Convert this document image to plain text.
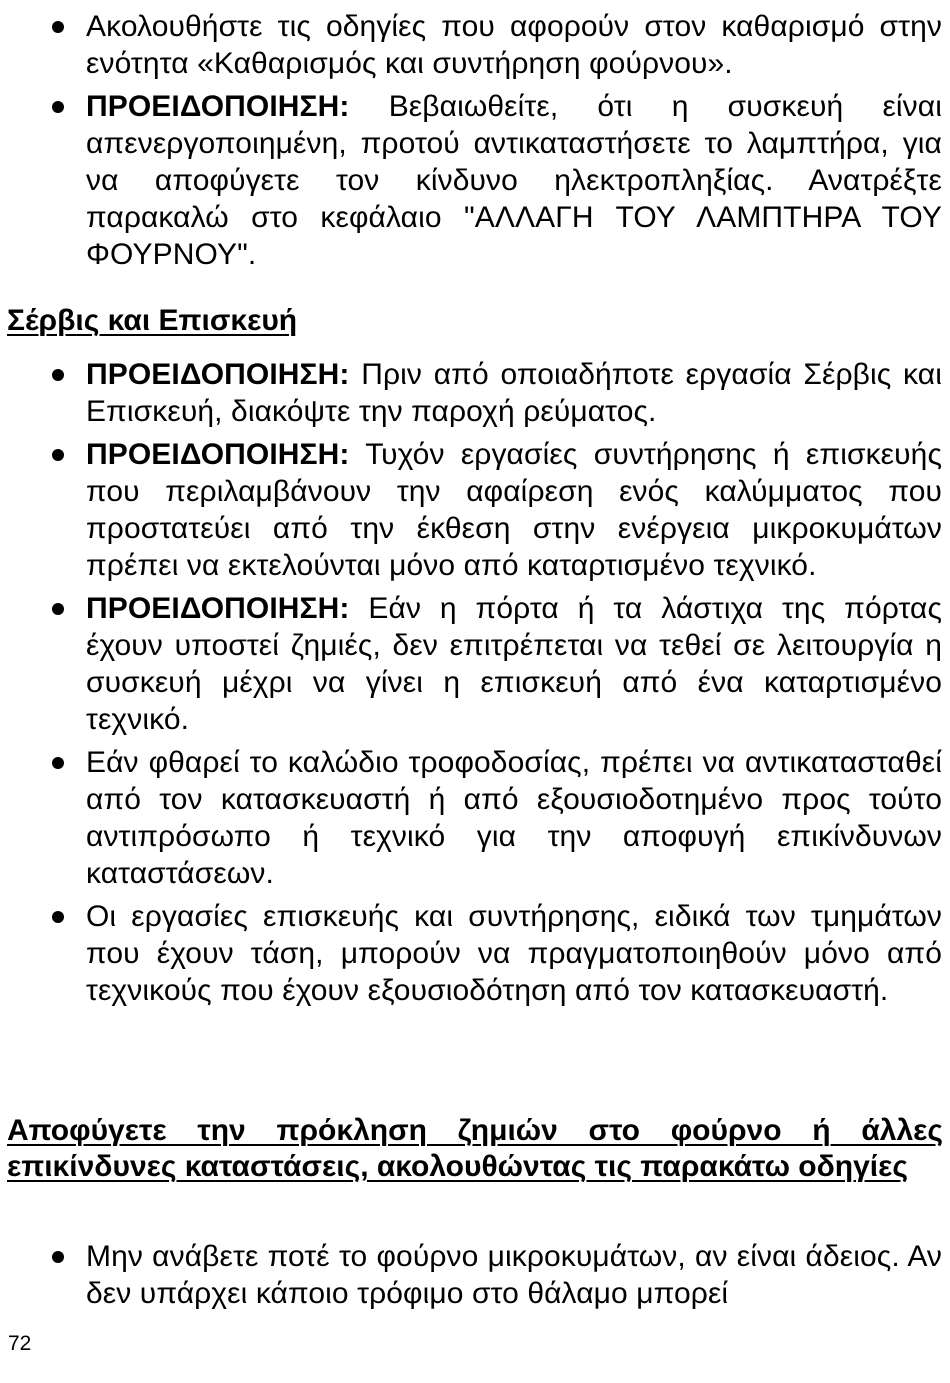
Ακολουθήστε τις οδηγίες που αφορούν στον καθαρισμό στην ενότητα «Καθαρισμός και συντήρηση φούρνου».
ΠΡΟΕΙΔΟΠΟΙΗΣΗ: Βεβαιωθείτε, ότι η συσκευή είναι απενεργοποιημένη, προτού αντικαταστήσετε το λαμπτήρα, για να αποφύγετε τον κίνδυνο ηλεκτροπληξίας. Ανατρέξτε παρακαλώ στο κεφάλαιο "ΑΛΛΑΓΗ ΤΟΥ ΛΑΜΠΤΗΡΑ ΤΟΥ ΦΟΥΡΝΟΥ".
Σέρβις και Επισκευή
ΠΡΟΕΙΔΟΠΟΙΗΣΗ: Πριν από οποιαδήποτε εργασία Σέρβις και Επισκευή, διακόψτε την παροχή ρεύματος.
ΠΡΟΕΙΔΟΠΟΙΗΣΗ: Τυχόν εργασίες συντήρησης ή επισκευής που περιλαμβάνουν την αφαίρεση ενός καλύμματος που προστατεύει από την έκθεση στην ενέργεια μικροκυμάτων πρέπει να εκτελούνται μόνο από καταρτισμένο τεχνικό.
ΠΡΟΕΙΔΟΠΟΙΗΣΗ: Εάν η πόρτα ή τα λάστιχα της πόρτας έχουν υποστεί ζημιές, δεν επιτρέπεται να τεθεί σε λειτουργία η συσκευή μέχρι να γίνει η επισκευή από ένα καταρτισμένο τεχνικό.
Εάν φθαρεί το καλώδιο τροφοδοσίας, πρέπει να αντικατασταθεί από τον κατασκευαστή ή από εξουσιοδοτημένο προς τούτο αντιπρόσωπο ή τεχνικό για την αποφυγή επικίνδυνων καταστάσεων.
Οι εργασίες επισκευής και συντήρησης, ειδικά των τμημάτων που έχουν τάση, μπορούν να πραγματοποιηθούν μόνο από τεχνικούς που έχουν εξουσιοδότηση από τον κατασκευαστή.
Αποφύγετε την πρόκληση ζημιών στο φούρνο ή άλλες επικίνδυνες καταστάσεις, ακολουθώντας τις παρακάτω οδηγίες
Μην ανάβετε ποτέ το φούρνο μικροκυμάτων, αν είναι άδειος. Αν δεν υπάρχει κάποιο τρόφιμο στο θάλαμο μπορεί
72
